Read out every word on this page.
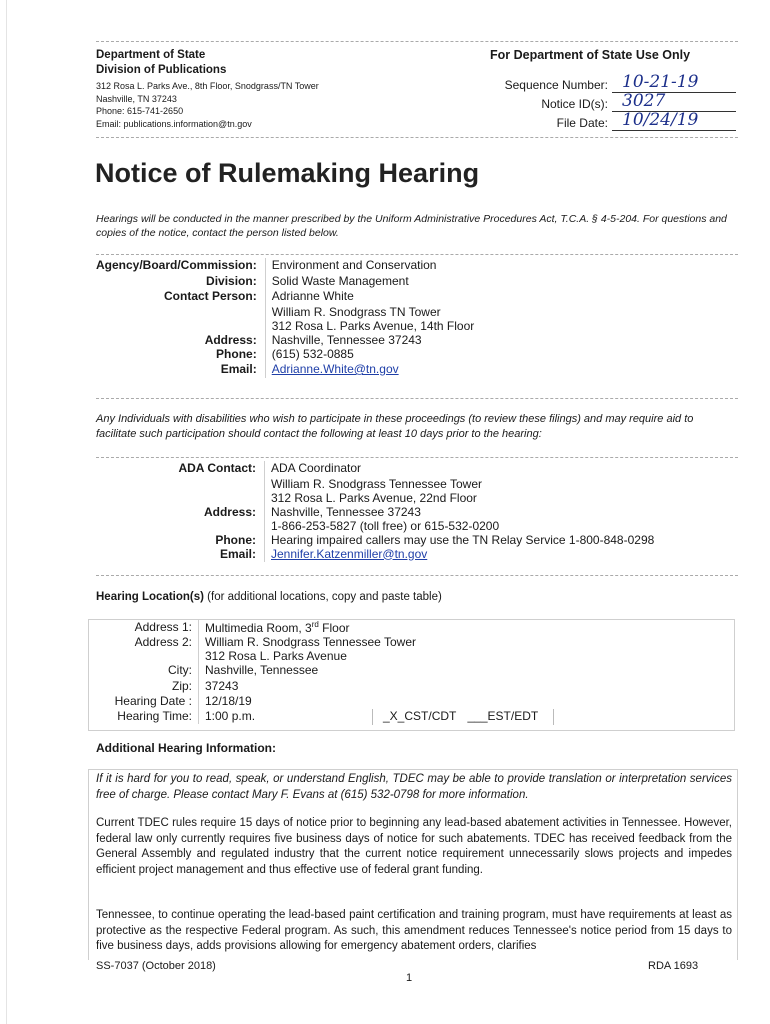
Department of State
Division of Publications
312 Rosa L. Parks Ave., 8th Floor, Snodgrass/TN Tower
Nashville, TN 37243
Phone: 615-741-2650
Email: publications.information@tn.gov
For Department of State Use Only
Sequence Number: 10-21-19
Notice ID(s): 3027
File Date: 10/24/19
Notice of Rulemaking Hearing
Hearings will be conducted in the manner prescribed by the Uniform Administrative Procedures Act, T.C.A. § 4-5-204. For questions and copies of the notice, contact the person listed below.
Agency/Board/Commission:	Environment and Conservation
Division:	Solid Waste Management
Contact Person:	Adrianne White
Address:	William R. Snodgrass TN Tower
312 Rosa L. Parks Avenue, 14th Floor
Nashville, Tennessee 37243

Phone:	(615) 532-0885
Email:	Adrianne.White@tn.gov
Any Individuals with disabilities who wish to participate in these proceedings (to review these filings) and may require aid to facilitate such participation should contact the following at least 10 days prior to the hearing:
ADA Contact:	ADA Coordinator
Address:	William R. Snodgrass Tennessee Tower
312 Rosa L. Parks Avenue, 22nd Floor
Nashville, Tennessee 37243

Phone:	1-866-253-5827 (toll free) or 615-532-0200
Hearing impaired callers may use the TN Relay Service 1-800-848-0298

Email:	Jennifer.Katzenmiller@tn.gov
Hearing Location(s) (for additional locations, copy and paste table)
Address 1:	Multimedia Room, 3rd Floor
Address 2:	William R. Snodgrass Tennessee Tower
312 Rosa L. Parks Avenue

City:	Nashville, Tennessee
Zip:	37243
Hearing Date :	12/18/19
Hearing Time:	1:00 p.m.	_X_CST/CDT ___EST/EDT
Additional Hearing Information:
If it is hard for you to read, speak, or understand English, TDEC may be able to provide translation or interpretation services free of charge. Please contact Mary F. Evans at (615) 532-0798 for more information.
Current TDEC rules require 15 days of notice prior to beginning any lead-based abatement activities in Tennessee. However, federal law only currently requires five business days of notice for such abatements. TDEC has received feedback from the General Assembly and regulated industry that the current notice requirement unnecessarily slows projects and impedes efficient project management and thus effective use of federal grant funding.
Tennessee, to continue operating the lead-based paint certification and training program, must have requirements at least as protective as the respective Federal program. As such, this amendment reduces Tennessee's notice period from 15 days to five business days, adds provisions allowing for emergency abatement orders, clarifies
SS-7037 (October 2018)	RDA 1693
1
